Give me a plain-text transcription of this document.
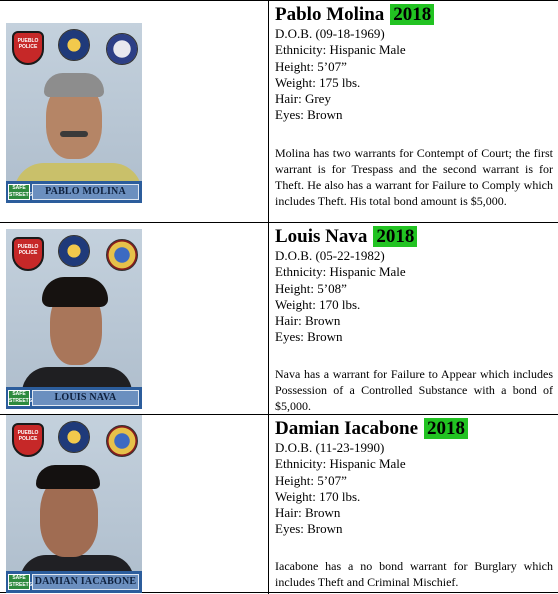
PUEBLO POLICE
SAFE STREETS	PABLO MOLINA
Pablo Molina 2018
D.O.B. (09-18-1969)
Ethnicity: Hispanic Male
Height: 5’07”
Weight: 175 lbs.
Hair: Grey
Eyes: Brown
Molina has two warrants for Contempt of Court; the first warrant is for Trespass and the second warrant is for Theft. He also has a warrant for Failure to Comply which includes Theft. His total bond amount is $5,000.
PUEBLO POLICE
SAFE STREETS	LOUIS NAVA
Louis Nava 2018
D.O.B. (05-22-1982)
Ethnicity: Hispanic Male
Height: 5’08”
Weight: 170 lbs.
Hair: Brown
Eyes: Brown
Nava has a warrant for Failure to Appear which includes Possession of a Controlled Substance with a bond of $5,000.
PUEBLO POLICE
SAFE STREETS DAMIAN IACABONE
Damian Iacabone 2018
D.O.B. (11-23-1990)
Ethnicity: Hispanic Male
Height: 5’07”
Weight: 170 lbs.
Hair: Brown
Eyes: Brown
Iacabone has a no bond warrant for Burglary which includes Theft and Criminal Mischief.
